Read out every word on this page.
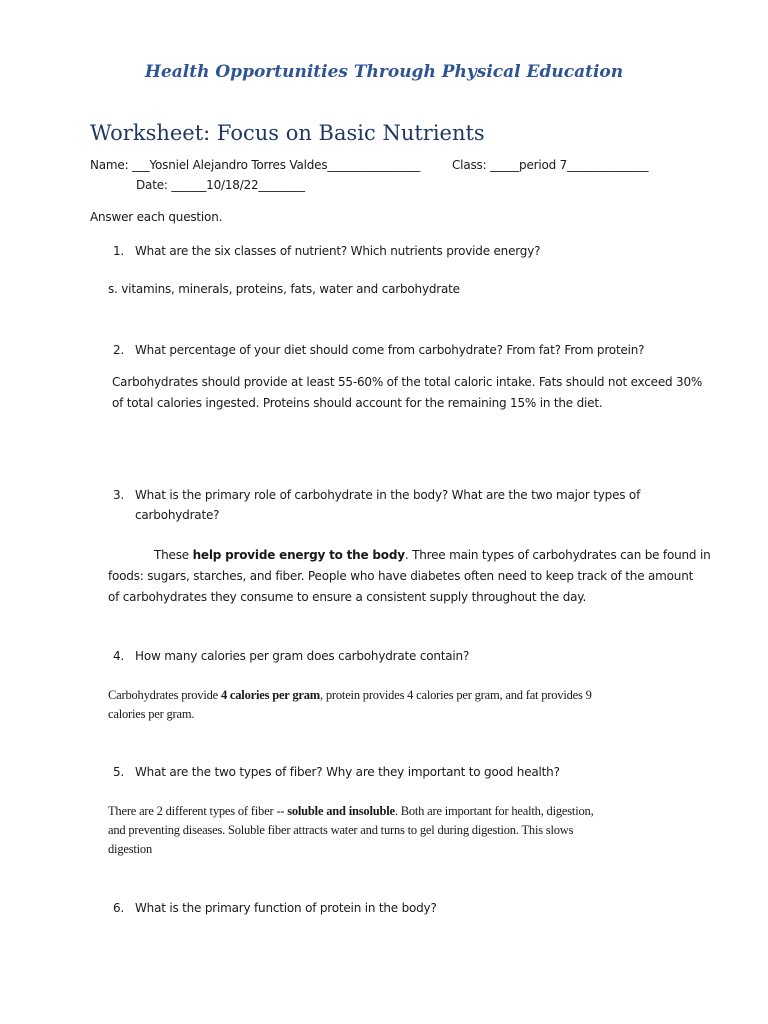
Health Opportunities Through Physical Education
Worksheet: Focus on Basic Nutrients
Name: ___Yosniel Alejandro Torres Valdes________________	Class: _____period 7______________
Date: ______10/18/22________
Answer each question.
1. What are the six classes of nutrient? Which nutrients provide energy?
s. vitamins, minerals, proteins, fats, water and carbohydrate
2. What percentage of your diet should come from carbohydrate? From fat? From protein?
Carbohydrates should provide at least 55-60% of the total caloric intake. Fats should not exceed 30%
of total calories ingested. Proteins should account for the remaining 15% in the diet.
3. What is the primary role of carbohydrate in the body? What are the two major types of
carbohydrate?
These help provide energy to the body. Three main types of carbohydrates can be found in
foods: sugars, starches, and fiber. People who have diabetes often need to keep track of the amount
of carbohydrates they consume to ensure a consistent supply throughout the day.
4. How many calories per gram does carbohydrate contain?
Carbohydrates provide 4 calories per gram, protein provides 4 calories per gram, and fat provides 9
calories per gram.
5. What are the two types of fiber? Why are they important to good health?
There are 2 different types of fiber -- soluble and insoluble. Both are important for health, digestion,
and preventing diseases. Soluble fiber attracts water and turns to gel during digestion. This slows
digestion
6. What is the primary function of protein in the body?
